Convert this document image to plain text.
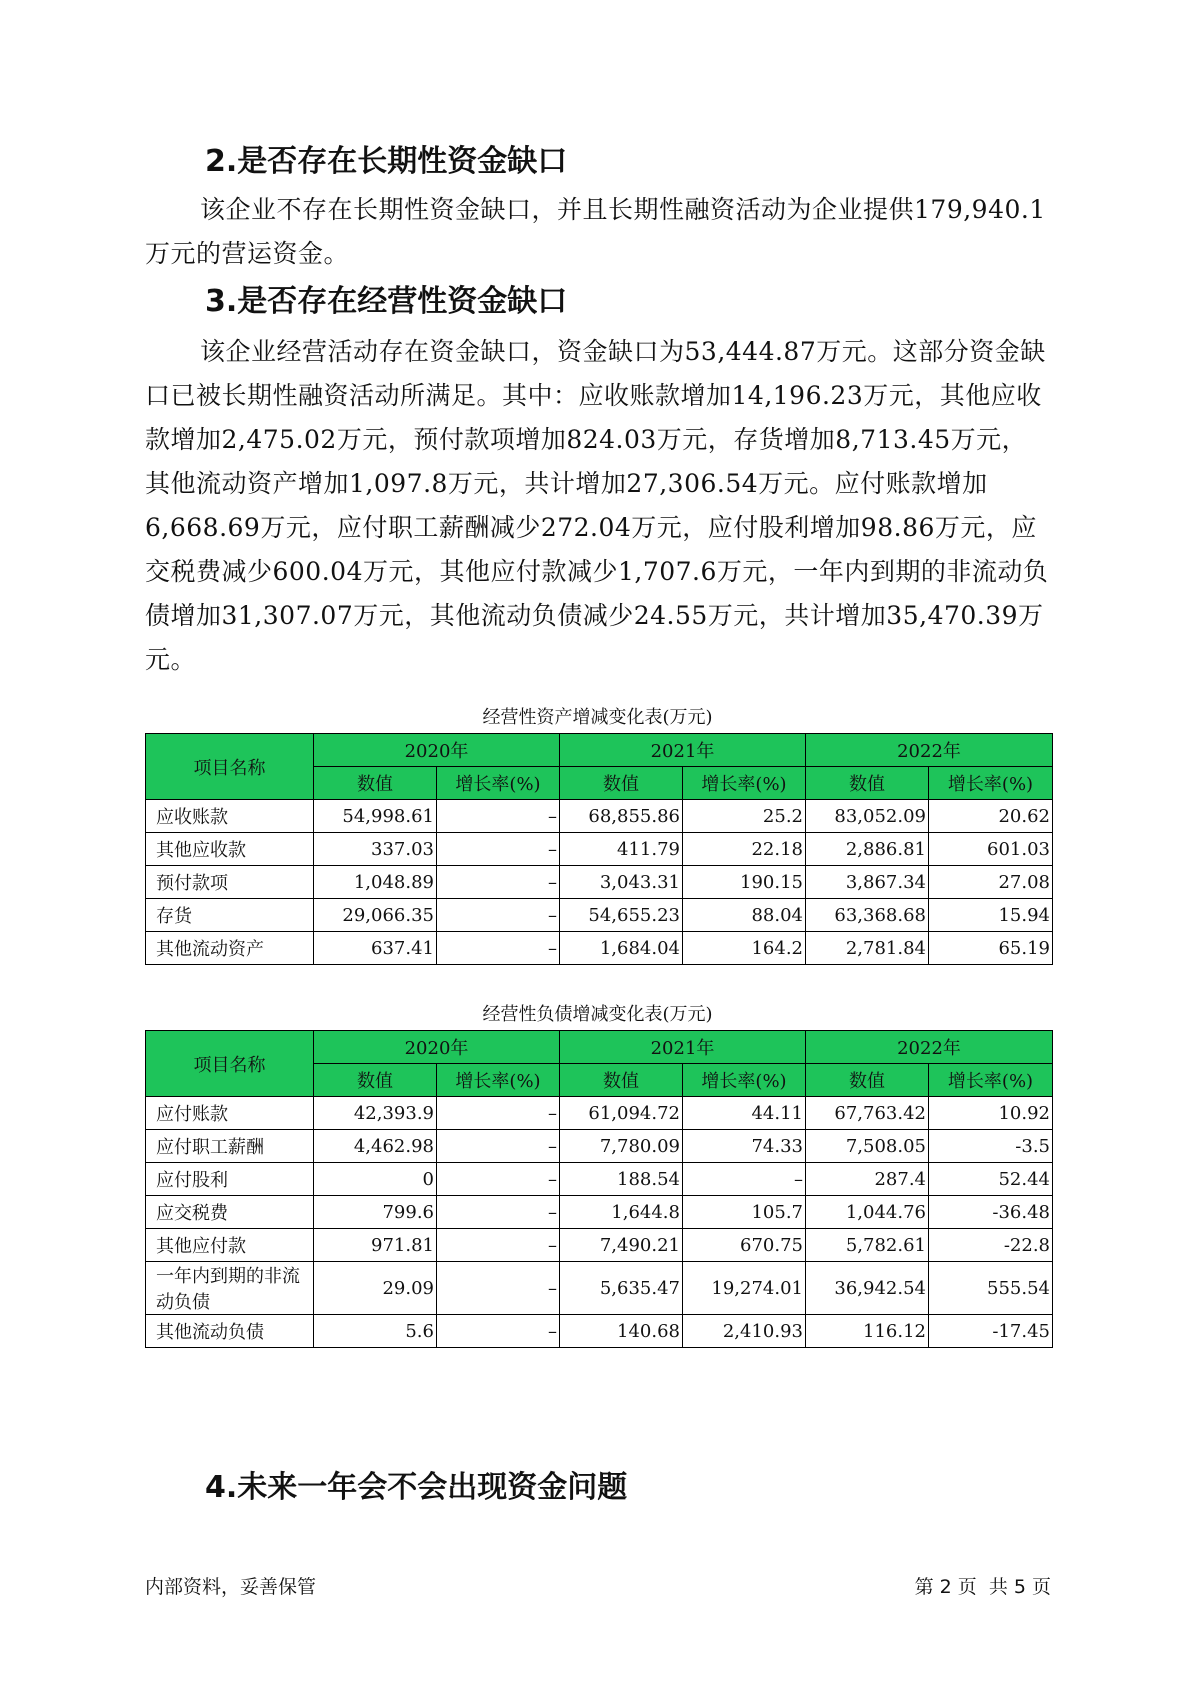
2.是否存在长期性资金缺口

该企业不存在长期性资金缺口，并且长期性融资活动为企业提供179,940.1万元的营运资金。

3.是否存在经营性资金缺口

该企业经营活动存在资金缺口，资金缺口为53,444.87万元。这部分资金缺口已被长期性融资活动所满足。其中：应收账款增加14,196.23万元，其他应收款增加2,475.02万元，预付款项增加824.03万元，存货增加8,713.45万元，其他流动资产增加1,097.8万元，共计增加27,306.54万元。应付账款增加6,668.69万元，应付职工薪酬减少272.04万元，应付股利增加98.86万元，应交税费减少600.04万元，其他应付款减少1,707.6万元，一年内到期的非流动负债增加31,307.07万元，其他流动负债减少24.55万元，共计增加35,470.39万元。

经营性资产增减变化表(万元)
项目名称	2020年		2021年		2022年	
	数值	增长率(%)	数值	增长率(%)	数值	增长率(%)
应收账款	54,998.61	–	68,855.86	25.2	83,052.09	20.62
其他应收款	337.03	–	411.79	22.18	2,886.81	601.03
预付款项	1,048.89	–	3,043.31	190.15	3,867.34	27.08
存货	29,066.35	–	54,655.23	88.04	63,368.68	15.94
其他流动资产	637.41	–	1,684.04	164.2	2,781.84	65.19
经营性负债增减变化表(万元)
项目名称	2020年		2021年		2022年	
	数值	增长率(%)	数值	增长率(%)	数值	增长率(%)
应付账款	42,393.9	–	61,094.72	44.11	67,763.42	10.92
应付职工薪酬	4,462.98	–	7,780.09	74.33	7,508.05	-3.5
应付股利	0	–	188.54	–	287.4	52.44
应交税费	799.6	–	1,644.8	105.7	1,044.76	-36.48
其他应付款	971.81	–	7,490.21	670.75	5,782.61	-22.8
一年内到期的非流动负债	29.09	–	5,635.47	19,274.01	36,942.54	555.54
其他流动负债	5.6	–	140.68	2,410.93	116.12	-17.45
4.未来一年会不会出现资金问题
内部资料，妥善保管	第 2 页  共 5 页
